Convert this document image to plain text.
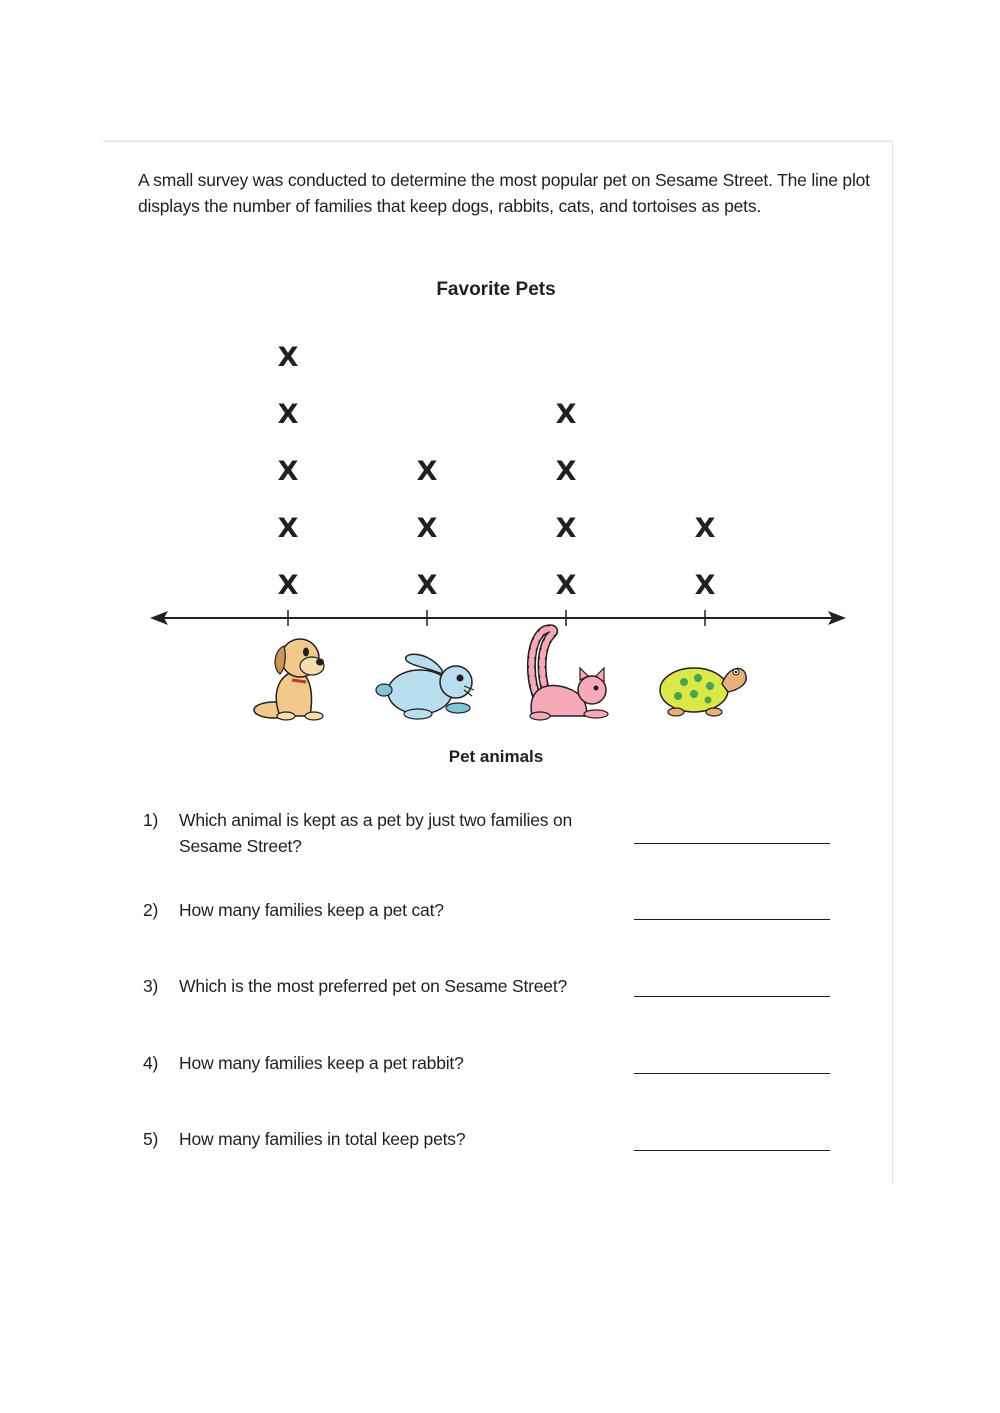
A small survey was conducted to determine the most popular pet on Sesame Street. The line plot displays the number of families that keep dogs, rabbits, cats, and tortoises as pets.

Favorite Pets
X
X
X
X
X
X
X
X
X
X
X
X
X
X
Pet animals
1) Which animal is kept as a pet by just two families on Sesame Street?
2) How many families keep a pet cat?
3) Which is the most preferred pet on Sesame Street?
4) How many families keep a pet rabbit?
5) How many families in total keep pets?
